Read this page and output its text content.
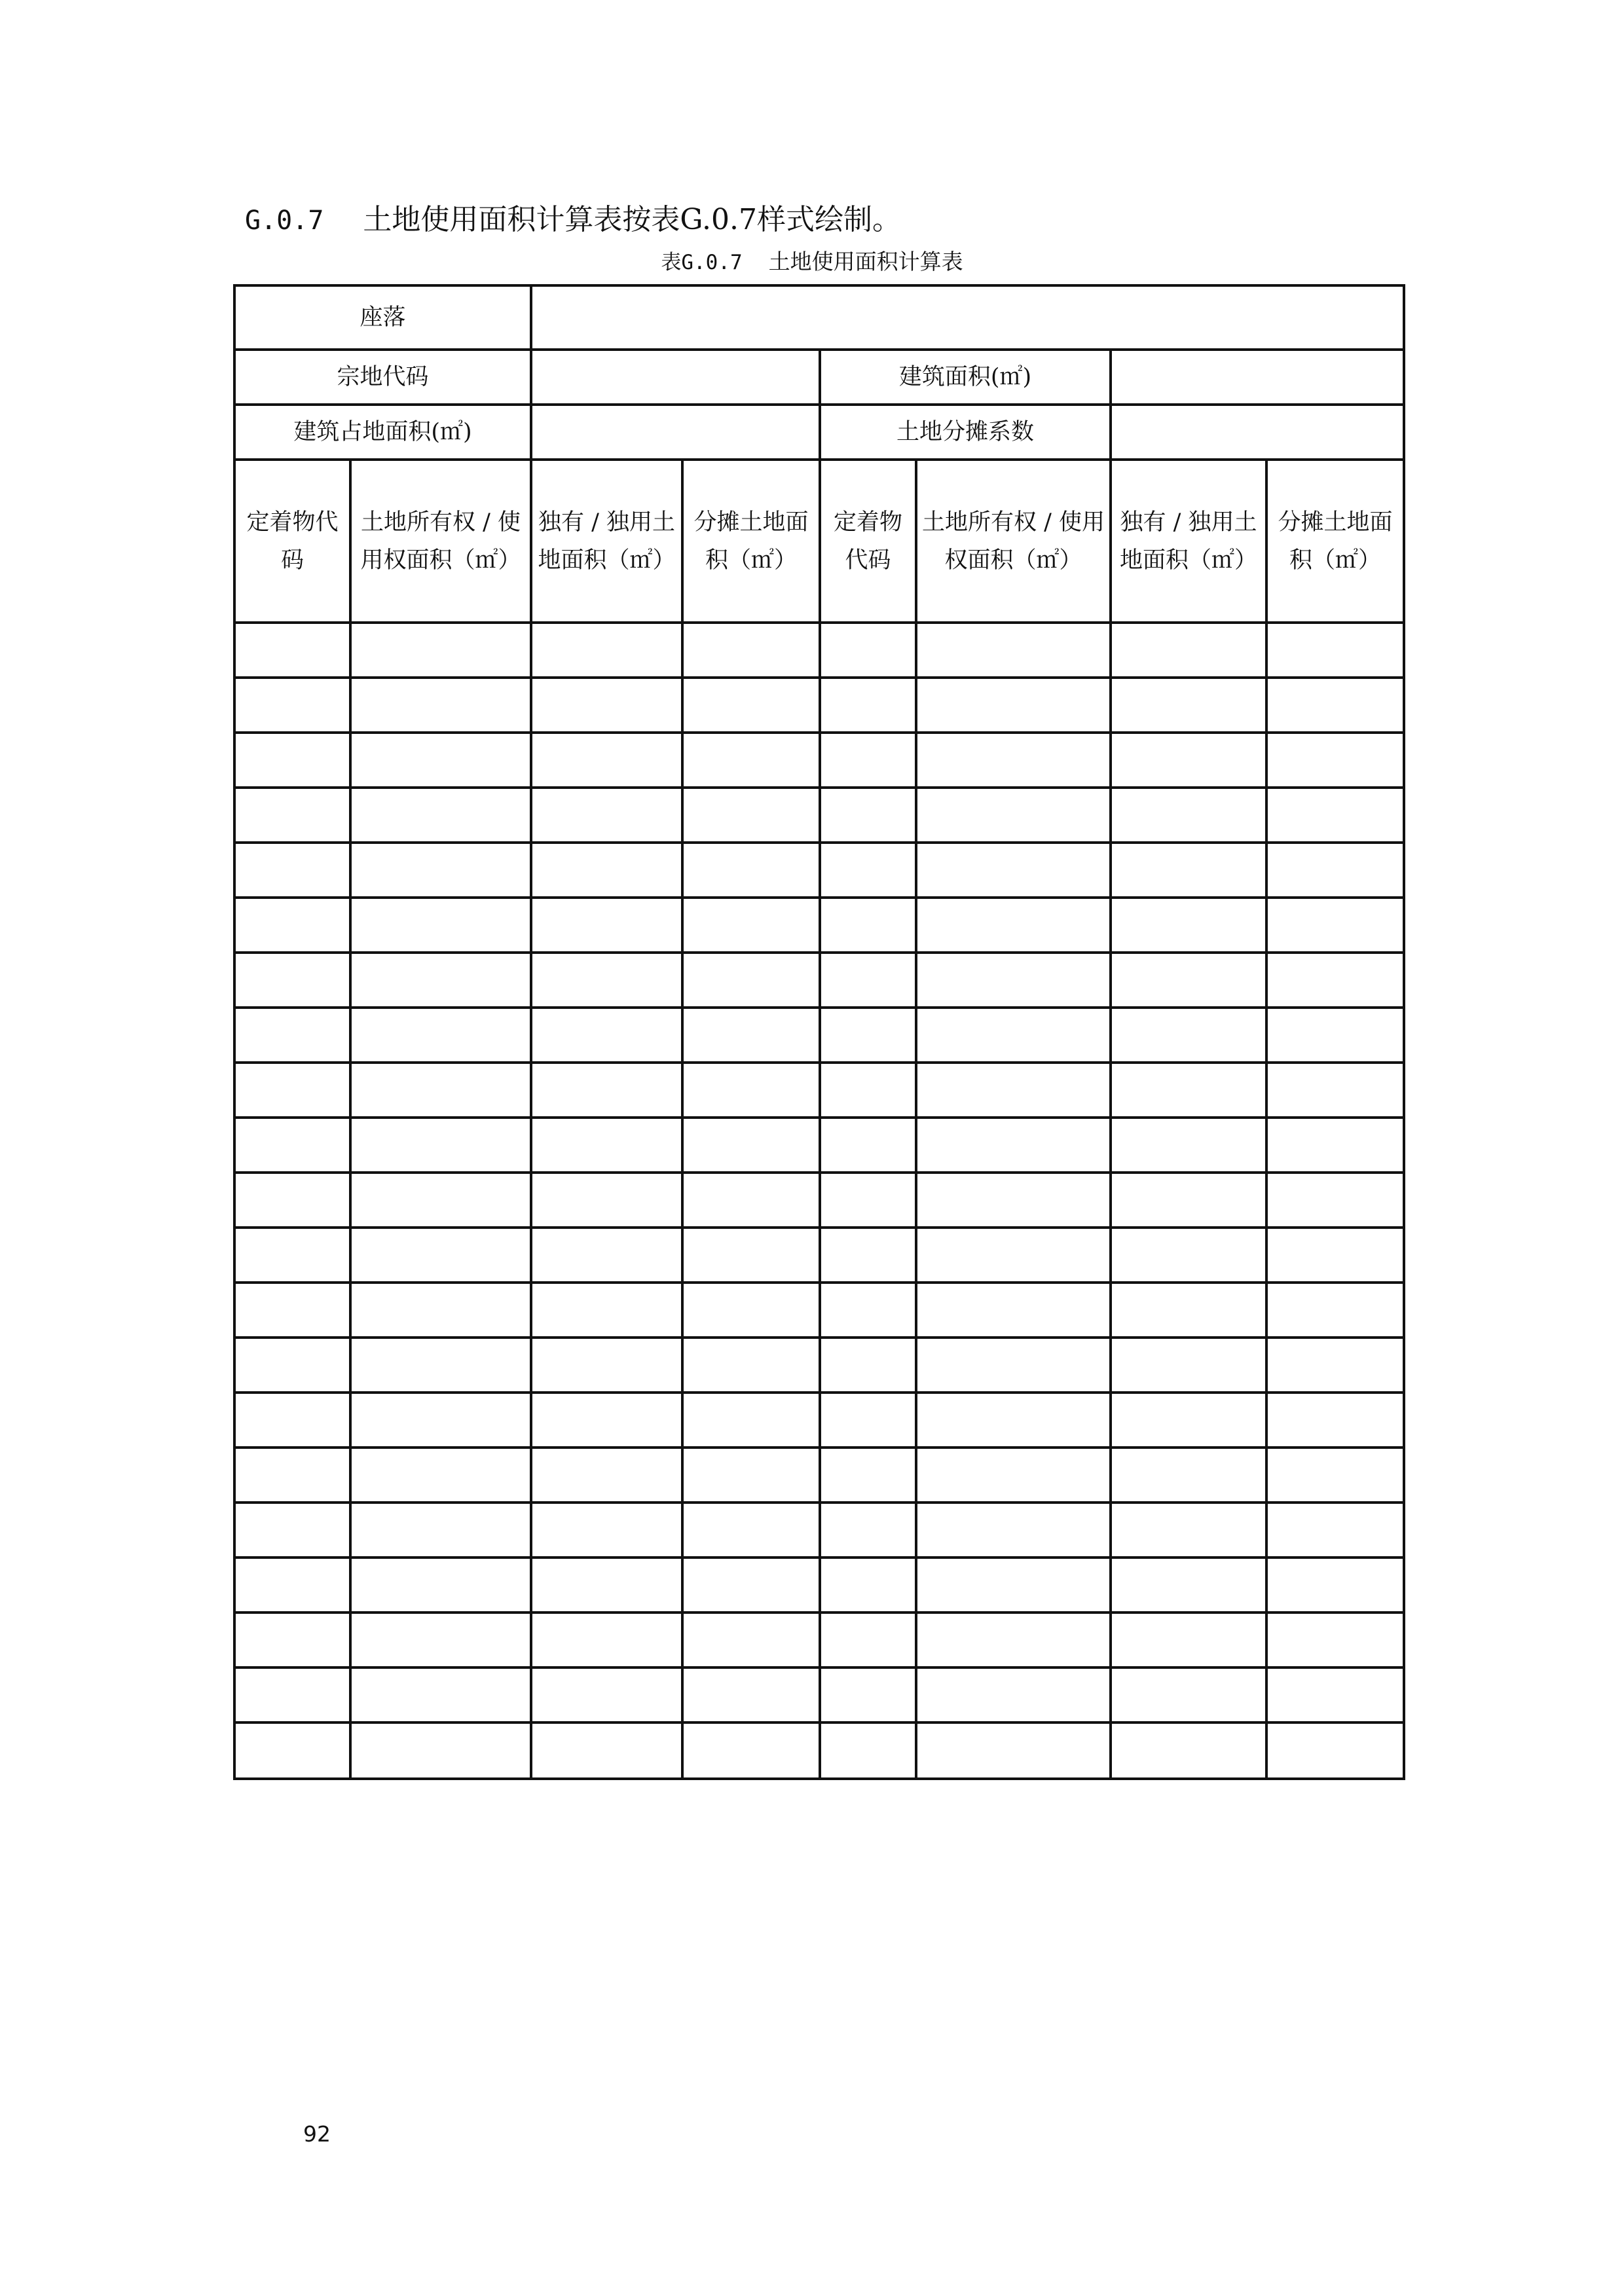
G.0.7 土地使用面积计算表按表G.0.7样式绘制。
表G.0.7 土地使用面积计算表
座落							
宗地代码				建筑面积(㎡)			
建筑占地面积(㎡)				土地分摊系数			
定着物代码	土地所有权 / 使用权面积（㎡）	独有 / 独用土地面积（㎡）	分摊土地面积（㎡）	定着物代码	土地所有权 / 使用权面积（㎡）	独有 / 独用土地面积（㎡）	分摊土地面积（㎡）

92
